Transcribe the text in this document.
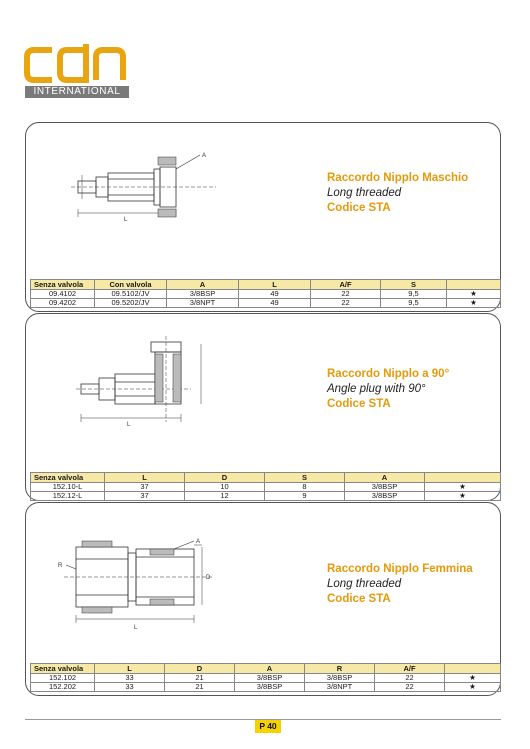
cdn
INTERNATIONAL
A
L
Raccordo Nipplo Maschio
Long threaded
Codice STA
Senza valvola	Con valvola	A	L	A/F	S	
09.4102	09.5102/JV	3/8BSP	49	22	9,5	★
09.4202	09.5202/JV	3/8NPT	49	22	9,5	★
L
Raccordo Nipplo a 90°
Angle plug with 90°
Codice STA
Senza valvola	L	D	S	A	
152.10-L	37	10	8	3/8BSP	★
152.12-L	37	12	9	3/8BSP	★
A
R
D
L
Raccordo Nipplo Femmina
Long threaded
Codice STA
Senza valvola	L	D	A	R	A/F	
152.102	33	21	3/8BSP	3/8BSP	22	★
152.202	33	21	3/8BSP	3/8NPT	22	★
P 40
